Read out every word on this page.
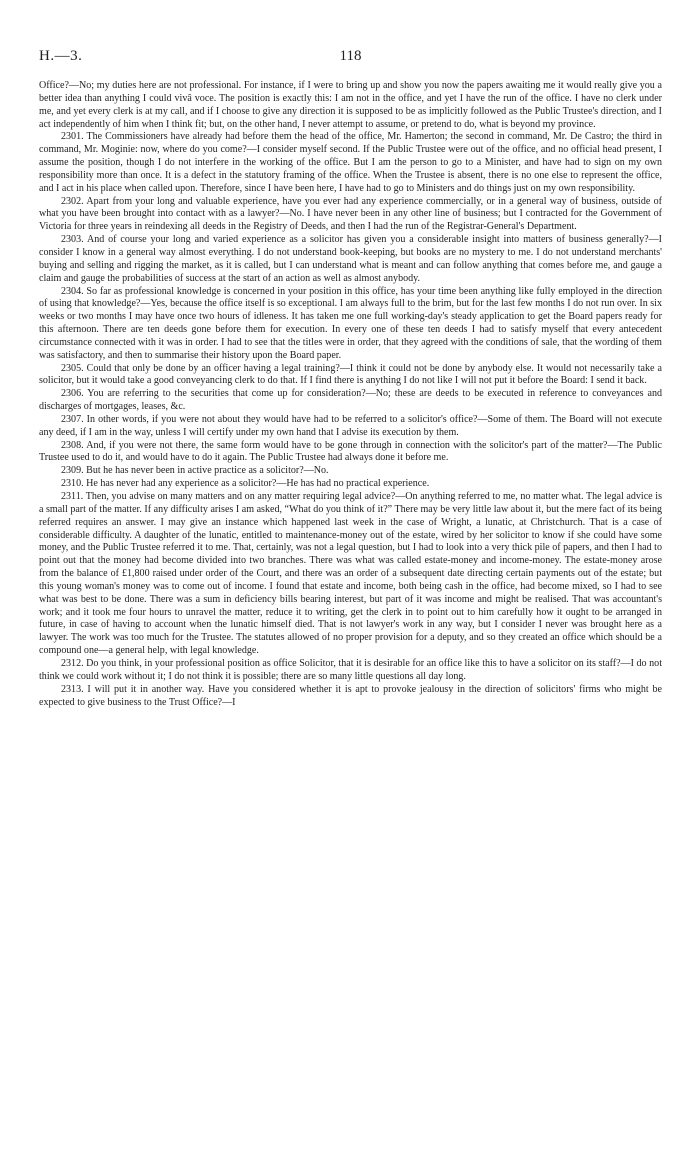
H.—3.	118

Office?—No; my duties here are not professional. For instance, if I were to bring up and show you now the papers awaiting me it would really give you a better idea than anything I could vivâ voce. The position is exactly this: I am not in the office, and yet I have the run of the office. I have no clerk under me, and yet every clerk is at my call, and if I choose to give any direction it is supposed to be as implicitly followed as the Public Trustee's direction, and I act independently of him when I think fit; but, on the other hand, I never attempt to assume, or pretend to do, what is beyond my province.

2301. The Commissioners have already had before them the head of the office, Mr. Hamerton; the second in command, Mr. De Castro; the third in command, Mr. Moginie: now, where do you come?—I consider myself second. If the Public Trustee were out of the office, and no official head present, I assume the position, though I do not interfere in the working of the office. But I am the person to go to a Minister, and have had to sign on my own responsibility more than once. It is a defect in the statutory framing of the office. When the Trustee is absent, there is no one else to represent the office, and I act in his place when called upon. Therefore, since I have been here, I have had to go to Ministers and do things just on my own responsibility.

2302. Apart from your long and valuable experience, have you ever had any experience commercially, or in a general way of business, outside of what you have been brought into contact with as a lawyer?—No. I have never been in any other line of business; but I contracted for the Government of Victoria for three years in reindexing all deeds in the Registry of Deeds, and then I had the run of the Registrar-General's Department.

2303. And of course your long and varied experience as a solicitor has given you a considerable insight into matters of business generally?—I consider I know in a general way almost everything. I do not understand book-keeping, but books are no mystery to me. I do not understand merchants' buying and selling and rigging the market, as it is called, but I can understand what is meant and can follow anything that comes before me, and gauge a claim and gauge the probabilities of success at the start of an action as well as almost anybody.

2304. So far as professional knowledge is concerned in your position in this office, has your time been anything like fully employed in the direction of using that knowledge?—Yes, because the office itself is so exceptional. I am always full to the brim, but for the last few months I do not run over. In six weeks or two months I may have once two hours of idleness. It has taken me one full working-day's steady application to get the Board papers ready for this afternoon. There are ten deeds gone before them for execution. In every one of these ten deeds I had to satisfy myself that every antecedent circumstance connected with it was in order. I had to see that the titles were in order, that they agreed with the conditions of sale, that the wording of them was satisfactory, and then to summarise their history upon the Board paper.

2305. Could that only be done by an officer having a legal training?—I think it could not be done by anybody else. It would not necessarily take a solicitor, but it would take a good conveyancing clerk to do that. If I find there is anything I do not like I will not put it before the Board: I send it back.

2306. You are referring to the securities that come up for consideration?—No; these are deeds to be executed in reference to conveyances and discharges of mortgages, leases, &c.

2307. In other words, if you were not about they would have had to be referred to a solicitor's office?—Some of them. The Board will not execute any deed, if I am in the way, unless I will certify under my own hand that I advise its execution by them.

2308. And, if you were not there, the same form would have to be gone through in connection with the solicitor's part of the matter?—The Public Trustee used to do it, and would have to do it again. The Public Trustee had always done it before me.

2309. But he has never been in active practice as a solicitor?—No.

2310. He has never had any experience as a solicitor?—He has had no practical experience.

2311. Then, you advise on many matters and on any matter requiring legal advice?—On anything referred to me, no matter what. The legal advice is a small part of the matter. If any difficulty arises I am asked, “What do you think of it?” There may be very little law about it, but the mere fact of its being referred requires an answer. I may give an instance which happened last week in the case of Wright, a lunatic, at Christchurch. That is a case of considerable difficulty. A daughter of the lunatic, entitled to maintenance-money out of the estate, wired by her solicitor to know if she could have some money, and the Public Trustee referred it to me. That, certainly, was not a legal question, but I had to look into a very thick pile of papers, and then I had to point out that the money had become divided into two branches. There was what was called estate-money and income-money. The estate-money arose from the balance of £1,800 raised under order of the Court, and there was an order of a subsequent date directing certain payments out of the estate; but this young woman's money was to come out of income. I found that estate and income, both being cash in the office, had become mixed, so I had to see what was best to be done. There was a sum in deficiency bills bearing interest, but part of it was income and might be realised. That was accountant's work; and it took me four hours to unravel the matter, reduce it to writing, get the clerk in to point out to him carefully how it ought to be arranged in future, in case of having to account when the lunatic himself died. That is not lawyer's work in any way, but I consider I never was brought here as a lawyer. The work was too much for the Trustee. The statutes allowed of no proper provision for a deputy, and so they created an office which should be a compound one—a general help, with legal knowledge.

2312. Do you think, in your professional position as office Solicitor, that it is desirable for an office like this to have a solicitor on its staff?—I do not think we could work without it; I do not think it is possible; there are so many little questions all day long.

2313. I will put it in another way. Have you considered whether it is apt to provoke jealousy in the direction of solicitors' firms who might be expected to give business to the Trust Office?—I
